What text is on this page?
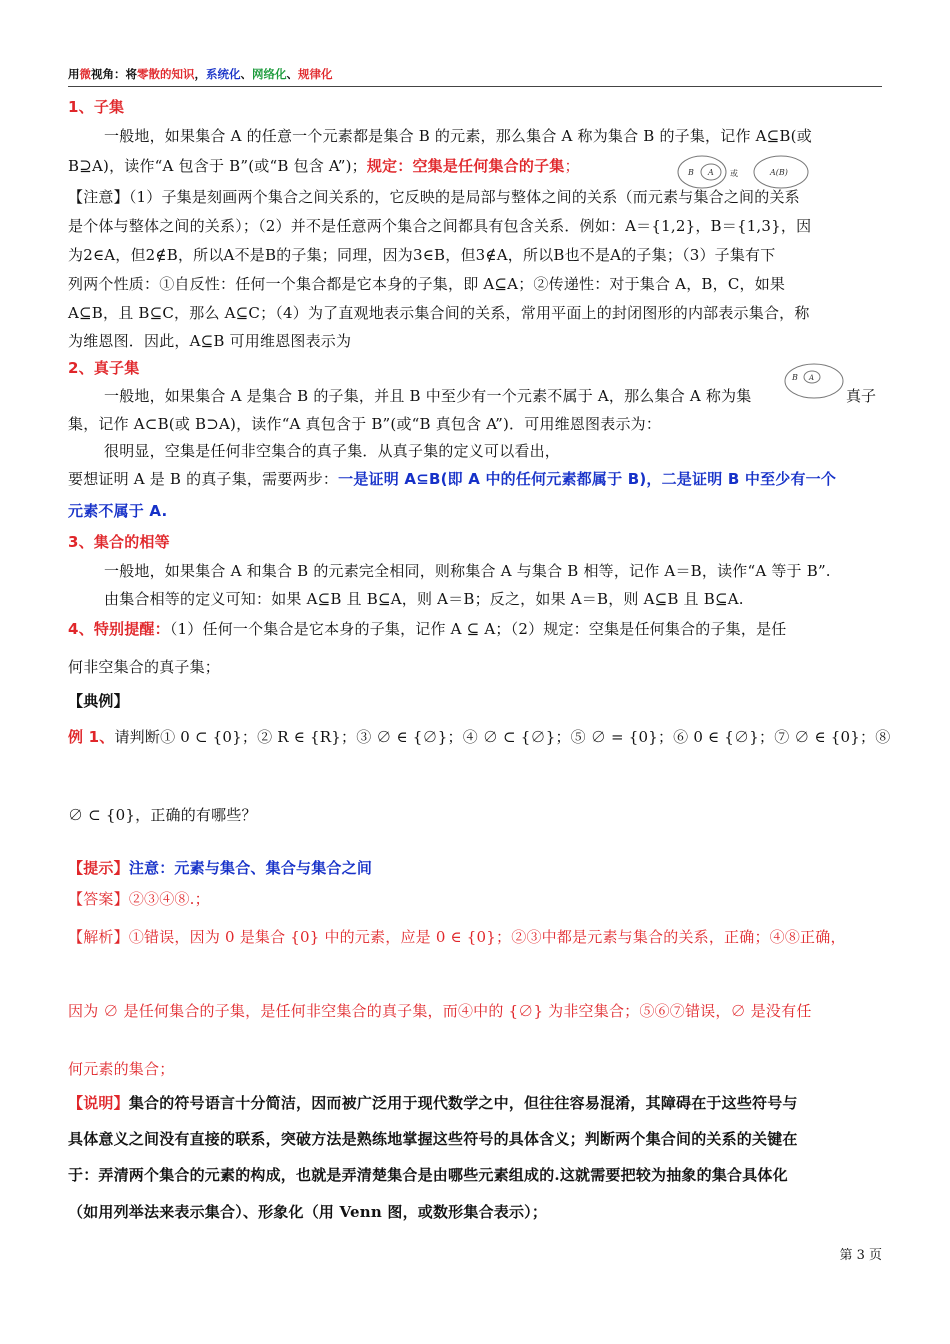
用微视角：将零散的知识，系统化、网络化、规律化
1、子集
一般地，如果集合 A 的任意一个元素都是集合 B 的元素，那么集合 A 称为集合 B 的子集，记作 A⊆B(或
B⊇A)，读作“A 包含于 B”(或“B 包含 A”)；规定：空集是任何集合的子集；	B A 或	A(B)
【注意】（1）子集是刻画两个集合之间关系的，它反映的是局部与整体之间的关系（而元素与集合之间的关系
是个体与整体之间的关系）；（2）并不是任意两个集合之间都具有包含关系．例如：A＝{1,2}，B＝{1,3}，因
为2∈A，但2∉B，所以A不是B的子集；同理，因为3∈B，但3∉A，所以B也不是A的子集；（3）子集有下
列两个性质：①自反性：任何一个集合都是它本身的子集，即 A⊆A；②传递性：对于集合 A，B，C，如果
A⊆B，且 B⊆C，那么 A⊆C；（4）为了直观地表示集合间的关系，常用平面上的封闭图形的内部表示集合，称
为维恩图．因此，A⊆B 可用维恩图表示为
2、真子集
一般地，如果集合 A 是集合 B 的子集，并且 B 中至少有一个元素不属于 A，那么集合 A 称为集
B A
真子
集，记作 A⊂B(或 B⊃A)，读作“A 真包含于 B”(或“B 真包含 A”)．可用维恩图表示为：
很明显，空集是任何非空集合的真子集．从真子集的定义可以看出，
要想证明 A 是 B 的真子集，需要两步：一是证明 A⊆B(即 A 中的任何元素都属于 B)，二是证明 B 中至少有一个
元素不属于 A.
3、集合的相等
一般地，如果集合 A 和集合 B 的元素完全相同，则称集合 A 与集合 B 相等，记作 A＝B，读作“A 等于 B”.
由集合相等的定义可知：如果 A⊆B 且 B⊆A，则 A＝B；反之，如果 A＝B，则 A⊆B 且 B⊆A.
4、特别提醒：（1）任何一个集合是它本身的子集，记作 A ⊆ A；（2）规定：空集是任何集合的子集，是任
何非空集合的真子集；
【典例】
例 1、请判断① 0 ⊂ {0}；② R ∈ {R}；③ ∅ ∈ {∅}；④ ∅ ⊂ {∅}；⑤ ∅ = {0}；⑥ 0 ∈ {∅}；⑦ ∅ ∈ {0}；⑧
∅ ⊂ {0}，正确的有哪些？
【提示】注意：元素与集合、集合与集合之间
【答案】②③④⑧.；
【解析】①错误，因为 0 是集合 {0} 中的元素，应是 0 ∈ {0}；②③中都是元素与集合的关系，正确；④⑧正确，
因为 ∅ 是任何集合的子集，是任何非空集合的真子集，而④中的 {∅} 为非空集合；⑤⑥⑦错误，∅ 是没有任
何元素的集合；
【说明】集合的符号语言十分简洁，因而被广泛用于现代数学之中，但往往容易混淆，其障碍在于这些符号与
具体意义之间没有直接的联系，突破方法是熟练地掌握这些符号的具体含义；判断两个集合间的关系的关键在
于：弄清两个集合的元素的构成，也就是弄清楚集合是由哪些元素组成的.这就需要把较为抽象的集合具体化
（如用列举法来表示集合）、形象化（用 Venn 图，或数形集合表示）；
第 3 页
